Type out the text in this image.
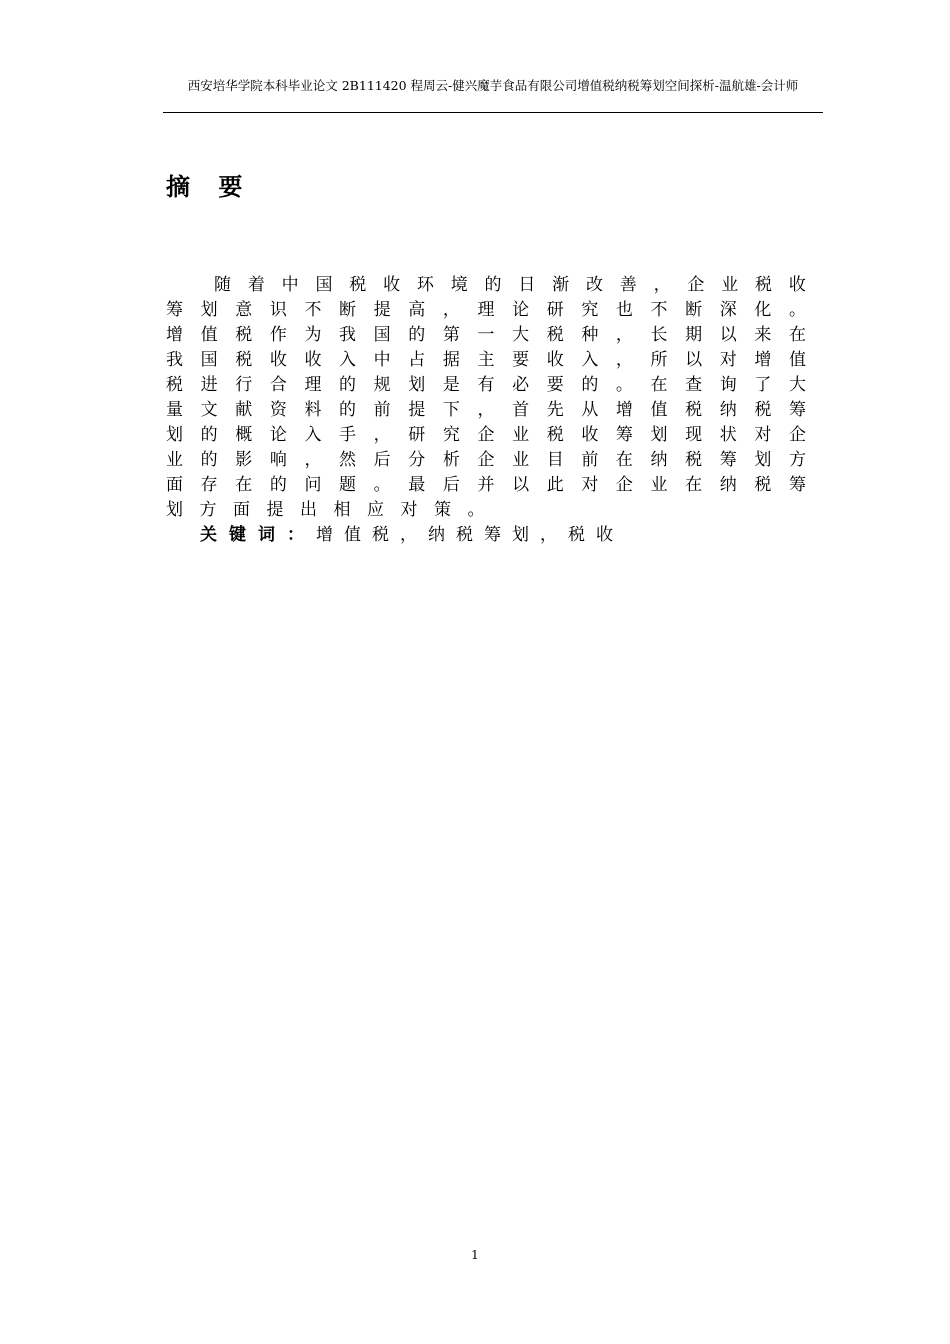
西安培华学院本科毕业论文 2B111420 程周云-健兴魔芋食品有限公司增值税纳税筹划空间探析-温航雄-会计师
摘 要
随 着 中 国 税 收 环 境 的 日 渐 改 善 ， 企 业 税 收
筹 划 意 识 不 断 提 高 ， 理 论 研 究 也 不 断 深 化 。
增 值 税 作 为 我 国 的 第 一 大 税 种 ， 长 期 以 来 在
我 国 税 收 收 入 中 占 据 主 要 收 入 ， 所 以 对 增 值
税 进 行 合 理 的 规 划 是 有 必 要 的 。 在 查 询 了 大
量 文 献 资 料 的 前 提 下 ， 首 先 从 增 值 税 纳 税 筹
划 的 概 论 入 手 ， 研 究 企 业 税 收 筹 划 现 状 对 企
业 的 影 响 ， 然 后 分 析 企 业 目 前 在 纳 税 筹 划 方
面 存 在 的 问 题 。 最 后 并 以 此 对 企 业 在 纳 税 筹
划 方 面 提 出 相 应 对 策 。
关键词： 增值税，纳税筹划，税收
1
